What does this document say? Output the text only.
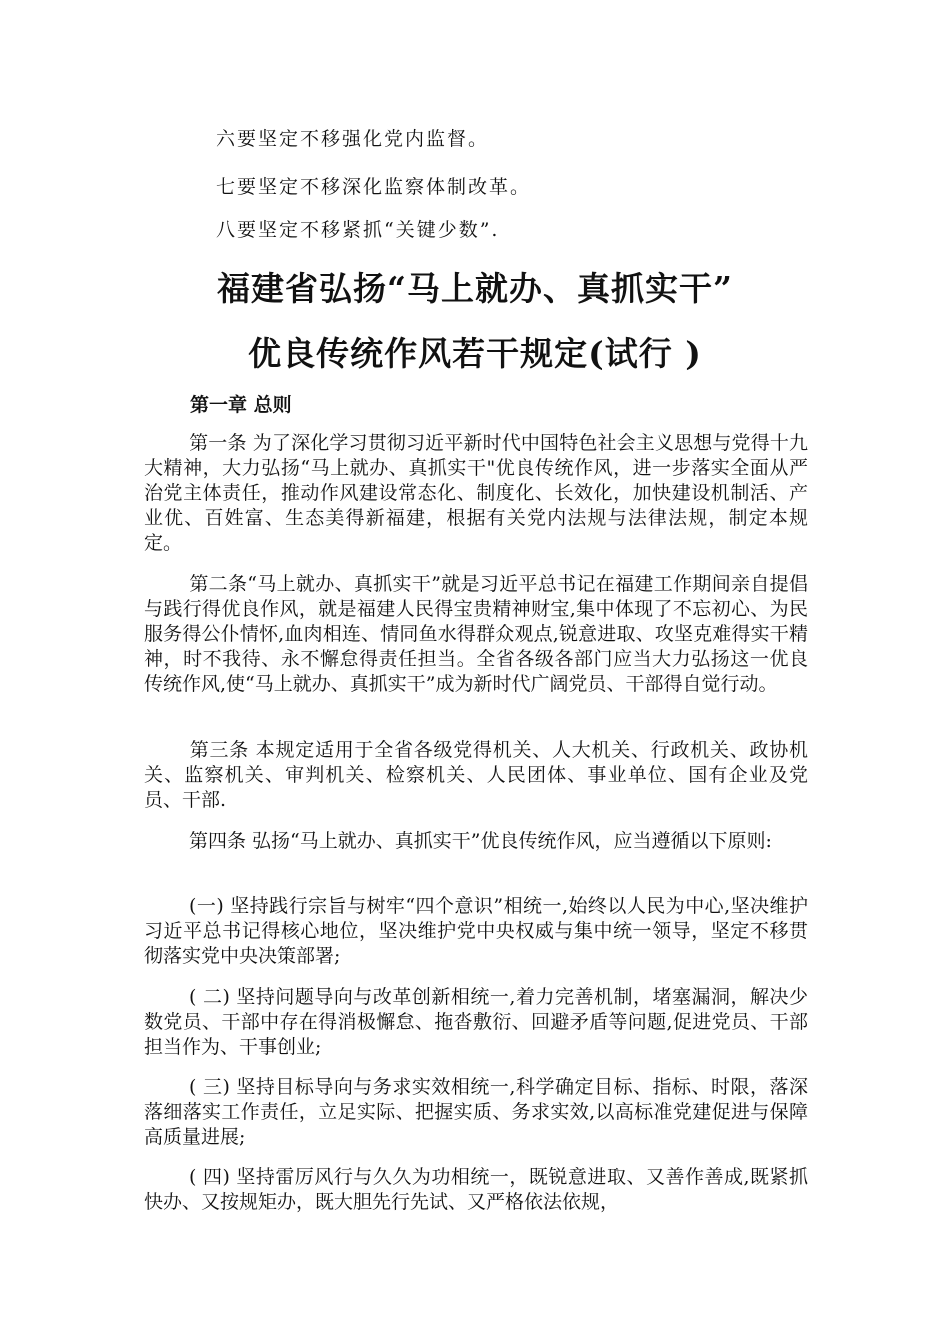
六要坚定不移强化党内监督。
七要坚定不移深化监察体制改革。
八要坚定不移紧抓“关键少数”.
福建省弘扬“马上就办、真抓实干”
优良传统作风若干规定(试行 )
第一章 总则
第一条 为了深化学习贯彻习近平新时代中国特色社会主义思想与党得十九大精神，大力弘扬“马上就办、真抓实干"优良传统作风，进一步落实全面从严治党主体责任，推动作风建设常态化、制度化、长效化，加快建设机制活、产业优、百姓富、生态美得新福建，根据有关党内法规与法律法规，制定本规定。
第二条“马上就办、真抓实干”就是习近平总书记在福建工作期间亲自提倡与践行得优良作风，就是福建人民得宝贵精神财宝,集中体现了不忘初心、为民服务得公仆情怀,血肉相连、情同鱼水得群众观点,锐意进取、攻坚克难得实干精神，时不我待、永不懈怠得责任担当。全省各级各部门应当大力弘扬这一优良传统作风,使“马上就办、真抓实干”成为新时代广阔党员、干部得自觉行动。
第三条 本规定适用于全省各级党得机关、人大机关、行政机关、政协机关、监察机关、审判机关、检察机关、人民团体、事业单位、国有企业及党员、干部.
第四条 弘扬“马上就办、真抓实干”优良传统作风，应当遵循以下原则:
(一) 坚持践行宗旨与树牢“四个意识”相统一,始终以人民为中心,坚决维护习近平总书记得核心地位，坚决维护党中央权威与集中统一领导，坚定不移贯彻落实党中央决策部署;
( 二) 坚持问题导向与改革创新相统一,着力完善机制，堵塞漏洞，解决少数党员、干部中存在得消极懈怠、拖沓敷衍、回避矛盾等问题,促进党员、干部担当作为、干事创业;
( 三) 坚持目标导向与务求实效相统一,科学确定目标、指标、时限，落深落细落实工作责任，立足实际、把握实质、务求实效,以高标准党建促进与保障高质量进展;
( 四) 坚持雷厉风行与久久为功相统一，既锐意进取、又善作善成,既紧抓快办、又按规矩办，既大胆先行先试、又严格依法依规，
